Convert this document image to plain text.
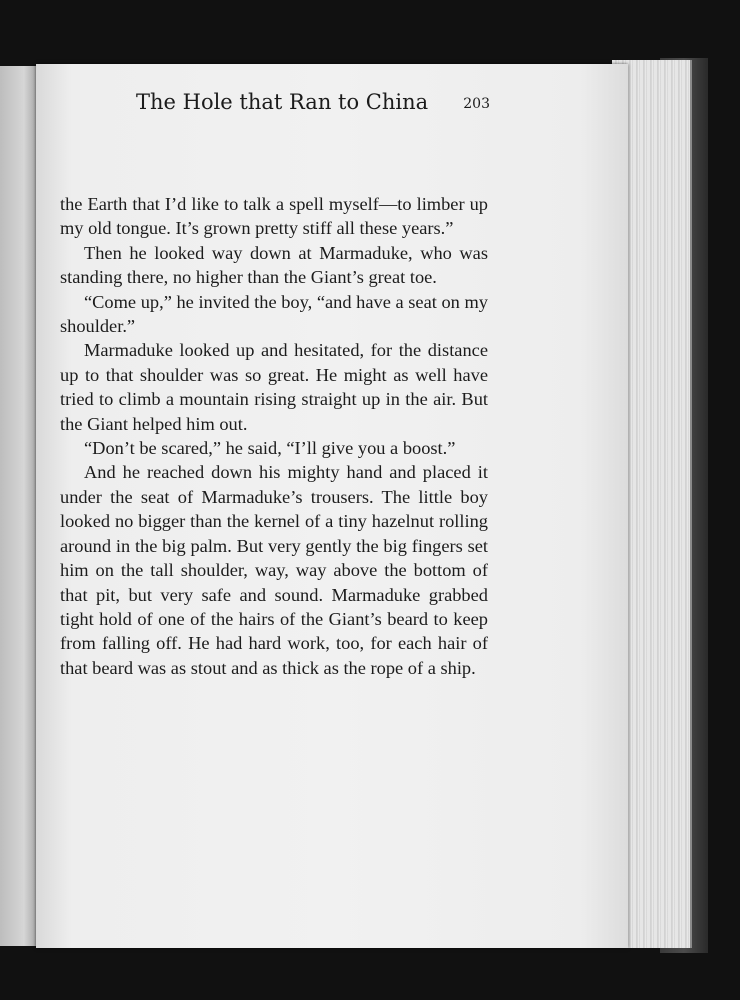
The Hole that Ran to China	203

the Earth that I’d like to talk a spell myself—to limber up my old tongue. It’s grown pretty stiff all these years.”

Then he looked way down at Marmaduke, who was standing there, no higher than the Giant’s great toe.

“Come up,” he invited the boy, “and have a seat on my shoulder.”

Marmaduke looked up and hesitated, for the distance up to that shoulder was so great. He might as well have tried to climb a mountain rising straight up in the air. But the Giant helped him out.

“Don’t be scared,” he said, “I’ll give you a boost.”

And he reached down his mighty hand and placed it under the seat of Marmaduke’s trousers. The little boy looked no bigger than the kernel of a tiny hazelnut rolling around in the big palm. But very gently the big fingers set him on the tall shoulder, way, way above the bottom of that pit, but very safe and sound. Marmaduke grabbed tight hold of one of the hairs of the Giant’s beard to keep from falling off. He had hard work, too, for each hair of that beard was as stout and as thick as the rope of a ship.
